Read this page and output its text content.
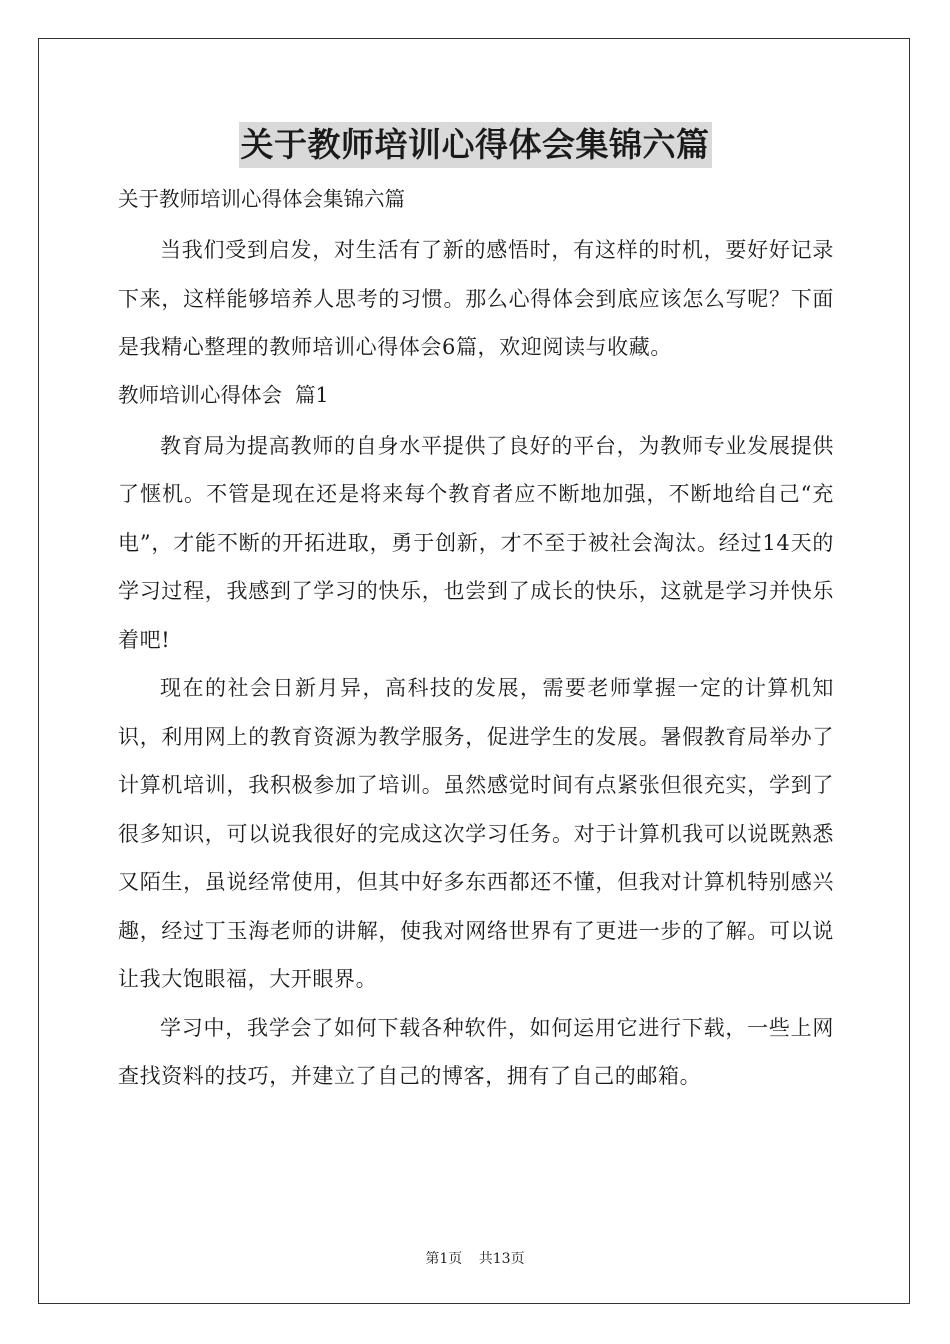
关于教师培训心得体会集锦六篇
关于教师培训心得体会集锦六篇

当我们受到启发，对生活有了新的感悟时，有这样的时机，要好好记录下来，这样能够培养人思考的习惯。那么心得体会到底应该怎么写呢？下面是我精心整理的教师培训心得体会6篇，欢迎阅读与收藏。

教师培训心得体会  篇1

教育局为提高教师的自身水平提供了良好的平台，为教师专业发展提供了惬机。不管是现在还是将来每个教育者应不断地加强，不断地给自己“充电”，才能不断的开拓进取，勇于创新，才不至于被社会淘汰。经过14天的学习过程，我感到了学习的快乐，也尝到了成长的快乐，这就是学习并快乐着吧!

现在的社会日新月异，高科技的发展，需要老师掌握一定的计算机知识，利用网上的教育资源为教学服务，促进学生的发展。暑假教育局举办了计算机培训，我积极参加了培训。虽然感觉时间有点紧张但很充实，学到了很多知识，可以说我很好的完成这次学习任务。对于计算机我可以说既熟悉又陌生，虽说经常使用，但其中好多东西都还不懂，但我对计算机特别感兴趣，经过丁玉海老师的讲解，使我对网络世界有了更进一步的了解。可以说让我大饱眼福，大开眼界。

学习中，我学会了如何下载各种软件，如何运用它进行下载，一些上网查找资料的技巧，并建立了自己的博客，拥有了自己的邮箱。

第1页 共13页
